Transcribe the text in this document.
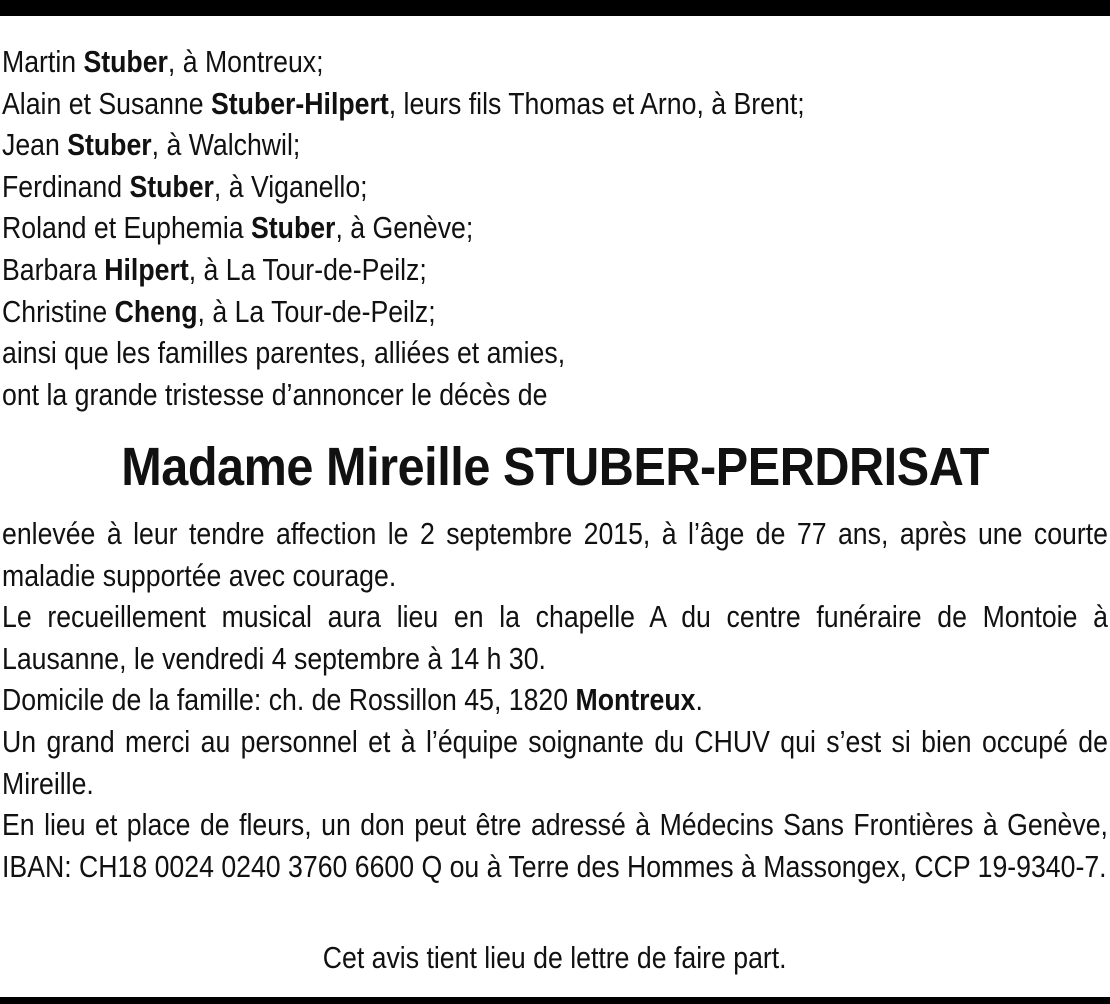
Martin Stuber, à Montreux;
Alain et Susanne Stuber-Hilpert, leurs fils Thomas et Arno, à Brent;
Jean Stuber, à Walchwil;
Ferdinand Stuber, à Viganello;
Roland et Euphemia Stuber, à Genève;
Barbara Hilpert, à La Tour-de-Peilz;
Christine Cheng, à La Tour-de-Peilz;
ainsi que les familles parentes, alliées et amies,
ont la grande tristesse d’annoncer le décès de
Madame Mireille STUBER-PERDRISAT
enlevée à leur tendre affection le 2 septembre 2015, à l’âge de 77 ans, après une courte maladie supportée avec courage.
Le recueillement musical aura lieu en la chapelle A du centre funéraire de Montoie à Lausanne, le vendredi 4 septembre à 14 h 30.
Domicile de la famille: ch. de Rossillon 45, 1820 Montreux.
Un grand merci au personnel et à l’équipe soignante du CHUV qui s’est si bien occupé de Mireille.
En lieu et place de fleurs, un don peut être adressé à Médecins Sans Frontières à Genève, IBAN: CH18 0024 0240 3760 6600 Q ou à Terre des Hommes à Massongex, CCP 19-9340-7.
Cet avis tient lieu de lettre de faire part.
